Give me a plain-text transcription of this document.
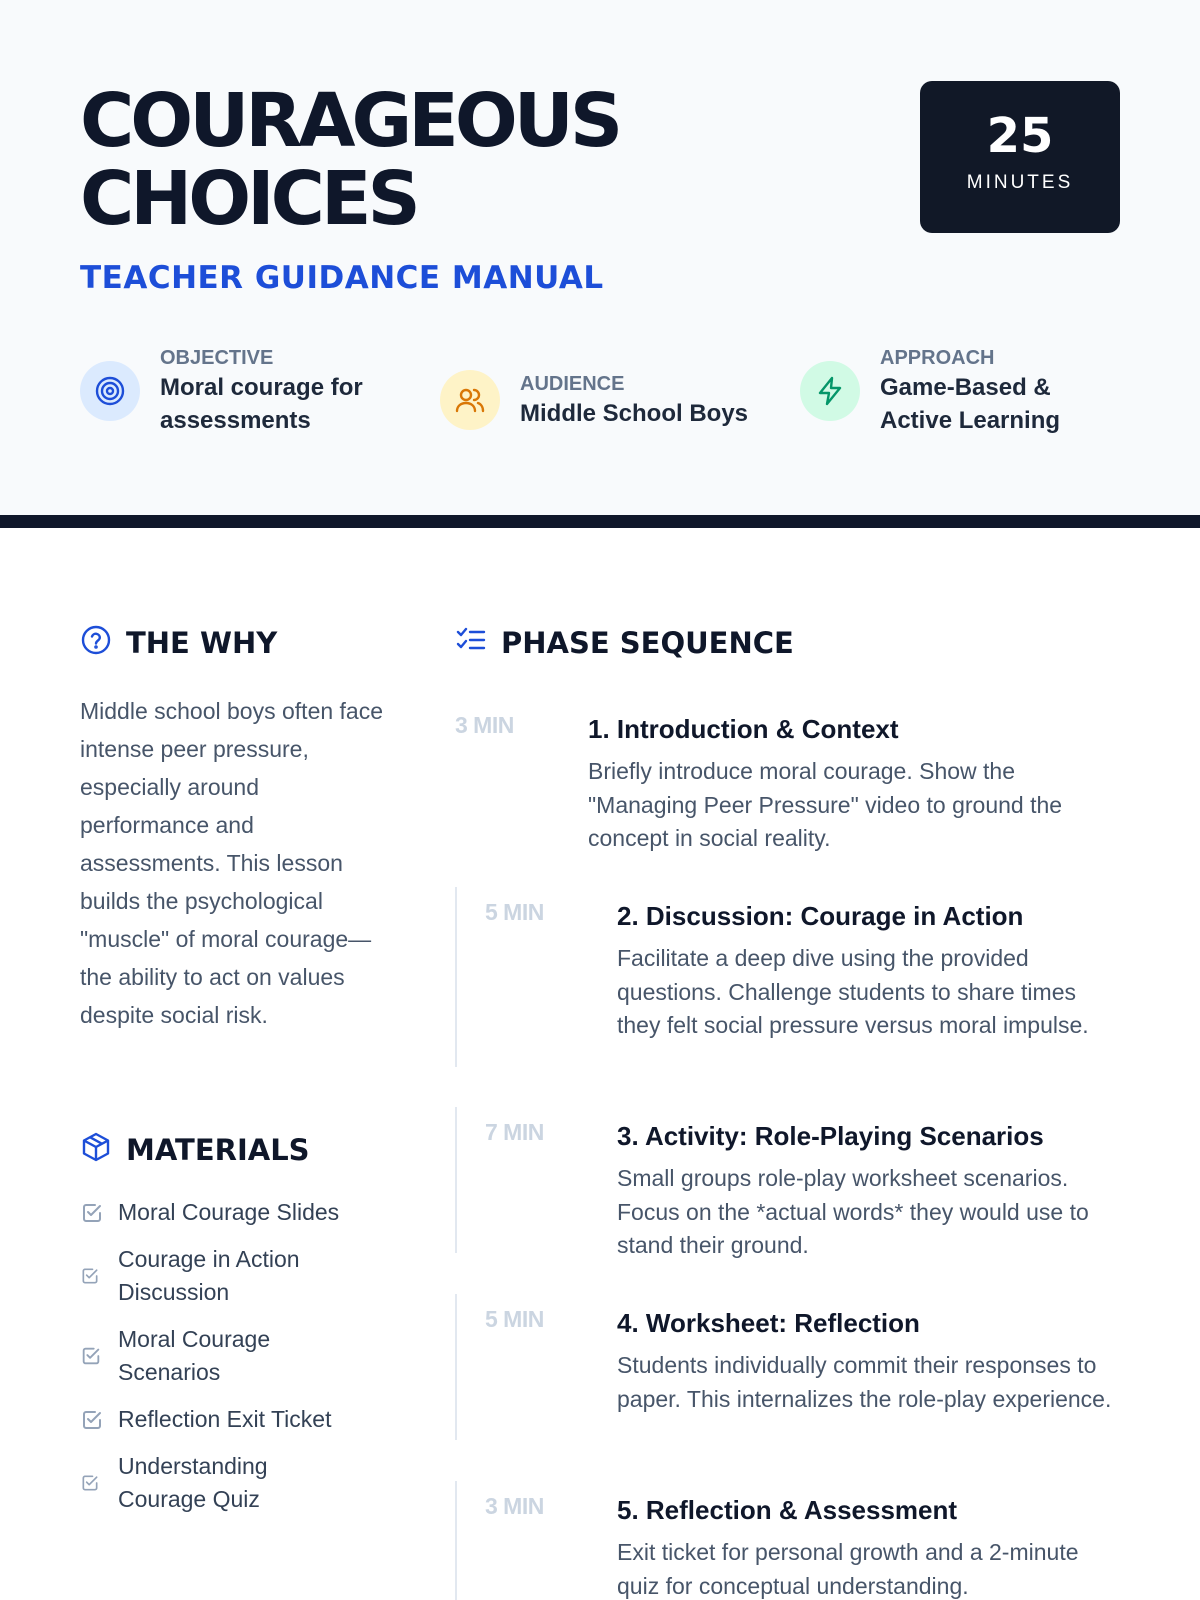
COURAGEOUS
CHOICES
TEACHER GUIDANCE MANUAL
25
MINUTES
OBJECTIVE
Moral courage for
assessments
AUDIENCE
Middle School Boys
APPROACH
Game-Based &
Active Learning
THE WHY

Middle school boys often face intense peer pressure, especially around performance and assessments. This lesson builds the psychological "muscle" of moral courage—the ability to act on values despite social risk.

MATERIALS
Moral Courage Slides
Courage in Action Discussion
Moral Courage Scenarios
Reflection Exit Ticket
Understanding Courage Quiz
PHASE SEQUENCE
3 MIN	1. Introduction & Context

Briefly introduce moral courage. Show the "Managing Peer Pressure" video to ground the concept in social reality.

5 MIN	2. Discussion: Courage in Action

Facilitate a deep dive using the provided questions. Challenge students to share times they felt social pressure versus moral impulse.

7 MIN	3. Activity: Role-Playing Scenarios

Small groups role-play worksheet scenarios. Focus on the *actual words* they would use to stand their ground.

5 MIN	4. Worksheet: Reflection

Students individually commit their responses to paper. This internalizes the role-play experience.

3 MIN	5. Reflection & Assessment

Exit ticket for personal growth and a 2-minute quiz for conceptual understanding.
